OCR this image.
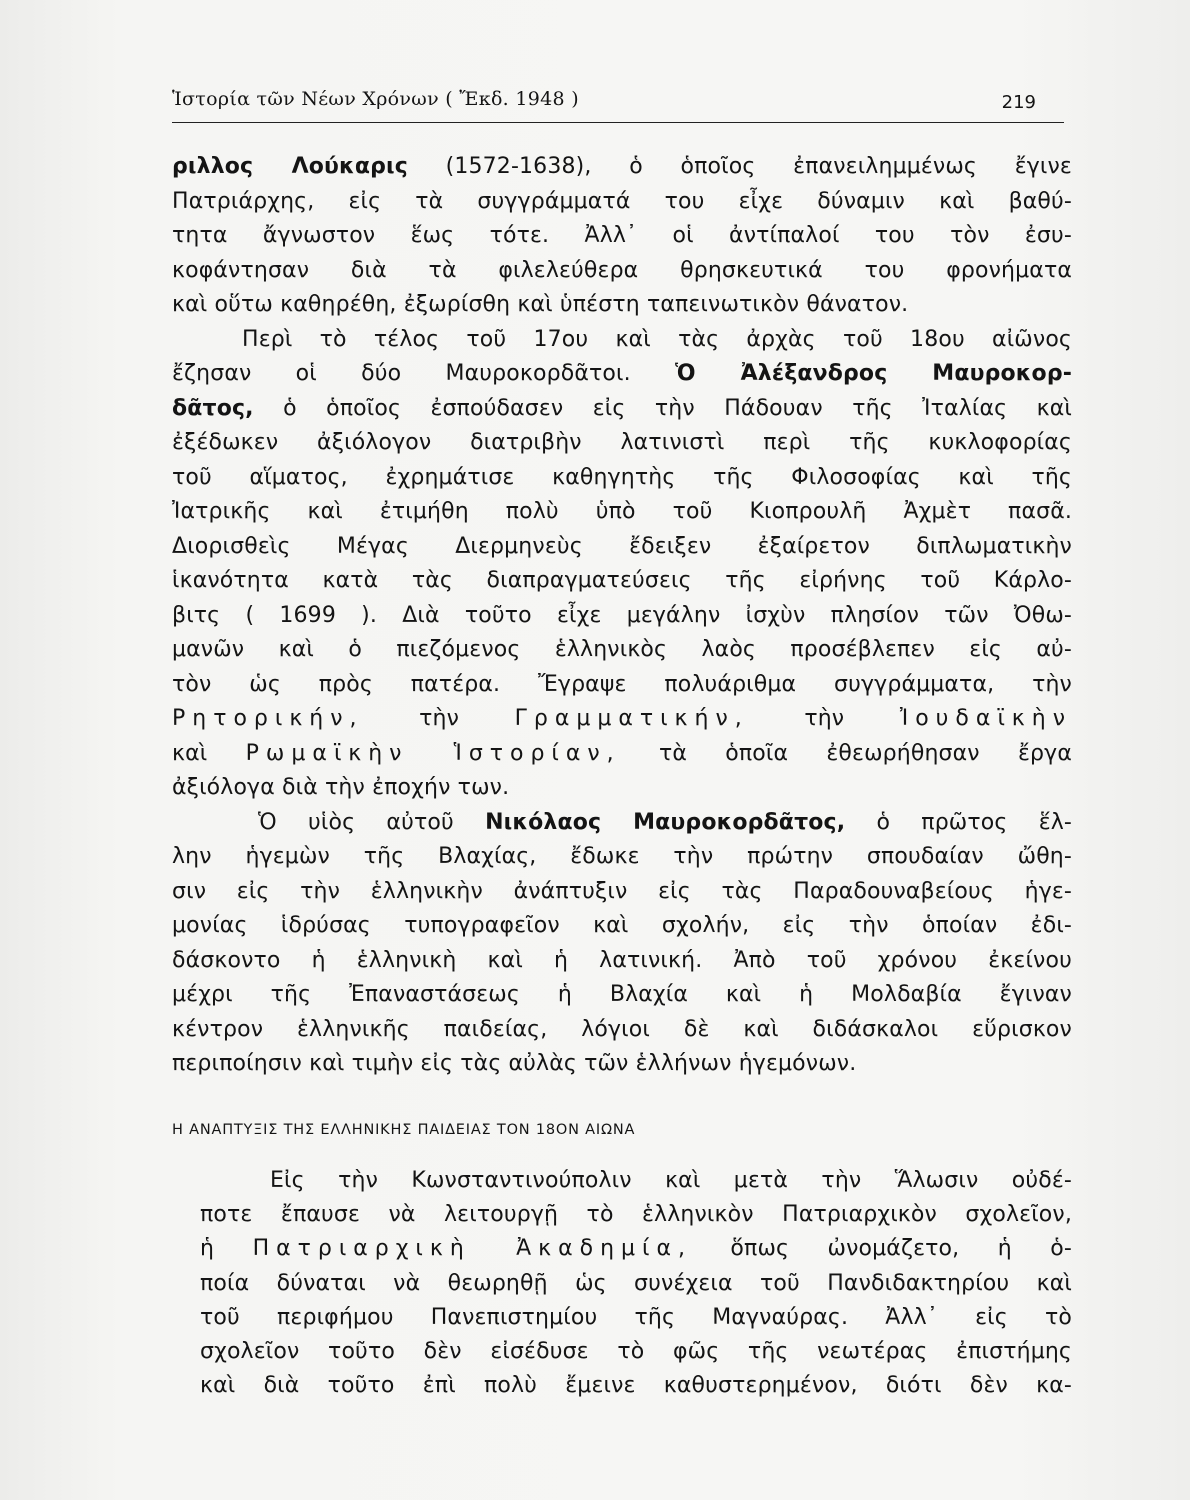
Ἱστορία τῶν Νέων Χρόνων ( Ἔκδ. 1948 )	219
ριλλος Λούκαρις (1572-1638), ὁ ὁποῖος ἐπανειλημμένως ἔγινε
Πατριάρχης, εἰς τὰ συγγράμματά του εἶχε δύναμιν καὶ βαθύ-
τητα ἄγνωστον ἕως τότε. Ἀλλ᾿ οἱ ἀντίπαλοί του τὸν ἐσυ-
κοφάντησαν διὰ τὰ φιλελεύθερα θρησκευτικά του φρονήματα
καὶ οὕτω καθηρέθη, ἐξωρίσθη καὶ ὑπέστη ταπεινωτικὸν θάνατον.
Περὶ τὸ τέλος τοῦ 17ου καὶ τὰς ἀρχὰς τοῦ 18ου αἰῶνος
ἔζησαν οἱ δύο Μαυροκορδᾶτοι. Ὁ Ἀλέξανδρος Μαυροκορ-
δᾶτος, ὁ ὁποῖος ἐσπούδασεν εἰς τὴν Πάδουαν τῆς Ἰταλίας καὶ
ἐξέδωκεν ἀξιόλογον διατριβὴν λατινιστὶ περὶ τῆς κυκλοφορίας
τοῦ αἵματος, ἐχρημάτισε καθηγητὴς τῆς Φιλοσοφίας καὶ τῆς
Ἰατρικῆς καὶ ἐτιμήθη πολὺ ὑπὸ τοῦ Κιοπρουλῆ Ἀχμὲτ πασᾶ.
Διορισθεὶς Μέγας Διερμηνεὺς ἔδειξεν ἐξαίρετον διπλωματικὴν
ἱκανότητα κατὰ τὰς διαπραγματεύσεις τῆς εἰρήνης τοῦ Κάρλο-
βιτς ( 1699 ). Διὰ τοῦτο εἶχε μεγάλην ἰσχὺν πλησίον τῶν Ὀθω-
μανῶν καὶ ὁ πιεζόμενος ἑλληνικὸς λαὸς προσέβλεπεν εἰς αὐ-
τὸν ὡς πρὸς πατέρα. Ἔγραψε πολυάριθμα συγγράμματα, τὴν
Ρητορικήν, τὴν Γραμματικήν, τὴν Ἰουδαϊκὴν
καὶ Ρωμαϊκὴν Ἱστορίαν, τὰ ὁποῖα ἐθεωρήθησαν ἔργα
ἀξιόλογα διὰ τὴν ἐποχήν των.
Ὁ υἱὸς αὐτοῦ Νικόλαος Μαυροκορδᾶτος, ὁ πρῶτος ἕλ-
λην ἡγεμὼν τῆς Βλαχίας, ἔδωκε τὴν πρώτην σπουδαίαν ὤθη-
σιν εἰς τὴν ἑλληνικὴν ἀνάπτυξιν εἰς τὰς Παραδουναβείους ἡγε-
μονίας ἱδρύσας τυπογραφεῖον καὶ σχολήν, εἰς τὴν ὁποίαν ἐδι-
δάσκοντο ἡ ἑλληνικὴ καὶ ἡ λατινική. Ἀπὸ τοῦ χρόνου ἐκείνου
μέχρι τῆς Ἐπαναστάσεως ἡ Βλαχία καὶ ἡ Μολδαβία ἔγιναν
κέντρον ἑλληνικῆς παιδείας, λόγιοι δὲ καὶ διδάσκαλοι εὕρισκον
περιποίησιν καὶ τιμὴν εἰς τὰς αὐλὰς τῶν ἑλλήνων ἡγεμόνων.
Η ΑΝΑΠΤΥΞΙΣ ΤΗΣ ΕΛΛΗΝΙΚΗΣ ΠΑΙΔΕΙΑΣ ΤΟΝ 18ΟΝ ΑΙΩΝΑ
Εἰς τὴν Κωνσταντινούπολιν καὶ μετὰ τὴν Ἅλωσιν οὐδέ-
ποτε ἔπαυσε νὰ λειτουργῇ τὸ ἑλληνικὸν Πατριαρχικὸν σχολεῖον,
ἡ Πατριαρχικὴ Ἀκαδημία, ὅπως ὠνομάζετο, ἡ ὁ-
ποία δύναται νὰ θεωρηθῇ ὡς συνέχεια τοῦ Πανδιδακτηρίου καὶ
τοῦ περιφήμου Πανεπιστημίου τῆς Μαγναύρας. Ἀλλ᾿ εἰς τὸ
σχολεῖον τοῦτο δὲν εἰσέδυσε τὸ φῶς τῆς νεωτέρας ἐπιστήμης
καὶ διὰ τοῦτο ἐπὶ πολὺ ἔμεινε καθυστερημένον, διότι δὲν κα-
